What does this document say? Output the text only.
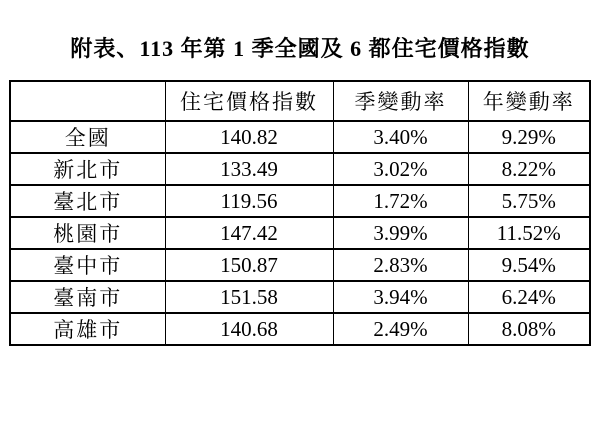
附表、113 年第 1 季全國及 6 都住宅價格指數
	住宅價格指數	季變動率	年變動率
全國	140.82	3.40%	9.29%
新北市	133.49	3.02%	8.22%
臺北市	119.56	1.72%	5.75%
桃園市	147.42	3.99%	11.52%
臺中市	150.87	2.83%	9.54%
臺南市	151.58	3.94%	6.24%
高雄市	140.68	2.49%	8.08%
